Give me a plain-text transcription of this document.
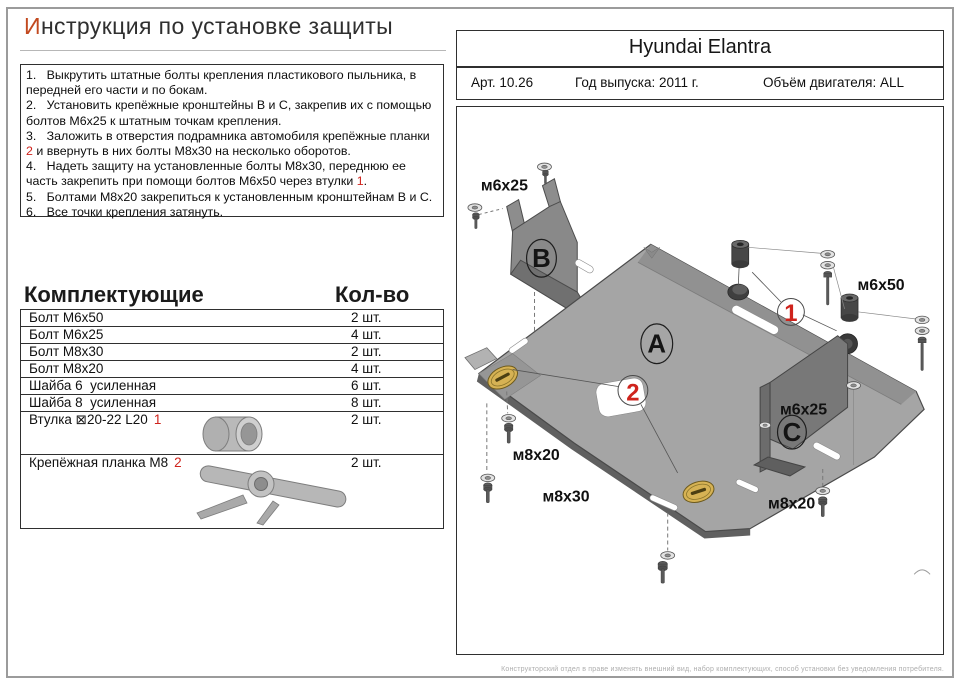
Инструкция по установке защиты
1.   Выкрутить штатные болты крепления пластикового пыльника, в передней его части и по бокам.
2.   Установить крепёжные кронштейны B и C, закрепив их с помощью болтов М6х25 к штатным точкам крепления.
3.   Заложить в отверстия подрамника автомобиля крепёжные планки 2 и ввернуть в них болты М8х30 на несколько оборотов.
4.   Надеть защиту на установленные болты М8х30, переднюю ее часть закрепить при помощи болтов М6х50 через втулки 1.
5.   Болтами М8х20 закрепиться к установленным кронштейнам B и C.
6.   Все точки крепления затянуть.
Комплектующие	Кол-во
Болт М6х50	2 шт.
Болт М6х25	4 шт.
Болт М8х30	2 шт.
Болт М8х20	4 шт.
Шайба 6  усиленная	6 шт.
Шайба 8  усиленная	8 шт.
Втулка ⊠20-22 L20 1	2 шт.
Крепёжная планка М8 2	2 шт.
Hyundai Elantra
Арт. 10.26	Год выпуска: 2011 г.	Объём двигателя: ALL
1
2
A
B
C
м6х25
м6х50
м6х25
м8х20
м8х30	м8х20
Конструкторский отдел в праве изменять внешний вид, набор комплектующих, способ установки без уведомления потребителя.
